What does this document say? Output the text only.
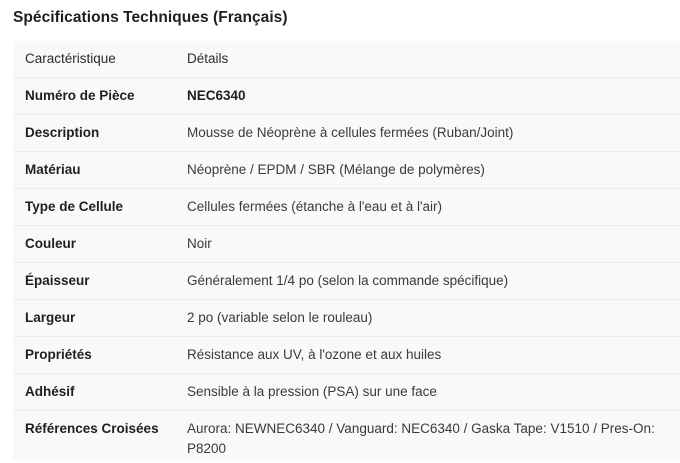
Spécifications Techniques (Français)
Caractéristique	Détails
Numéro de Pièce	NEC6340
Description	Mousse de Néoprène à cellules fermées (Ruban/Joint)
Matériau	Néoprène / EPDM / SBR (Mélange de polymères)
Type de Cellule	Cellules fermées (étanche à l'eau et à l'air)
Couleur	Noir
Épaisseur	Généralement 1/4 po (selon la commande spécifique)
Largeur	2 po (variable selon le rouleau)
Propriétés	Résistance aux UV, à l'ozone et aux huiles
Adhésif	Sensible à la pression (PSA) sur une face
Références Croisées	Aurora: NEWNEC6340 / Vanguard: NEC6340 / Gaska Tape: V1510 / Pres-On: P8200
